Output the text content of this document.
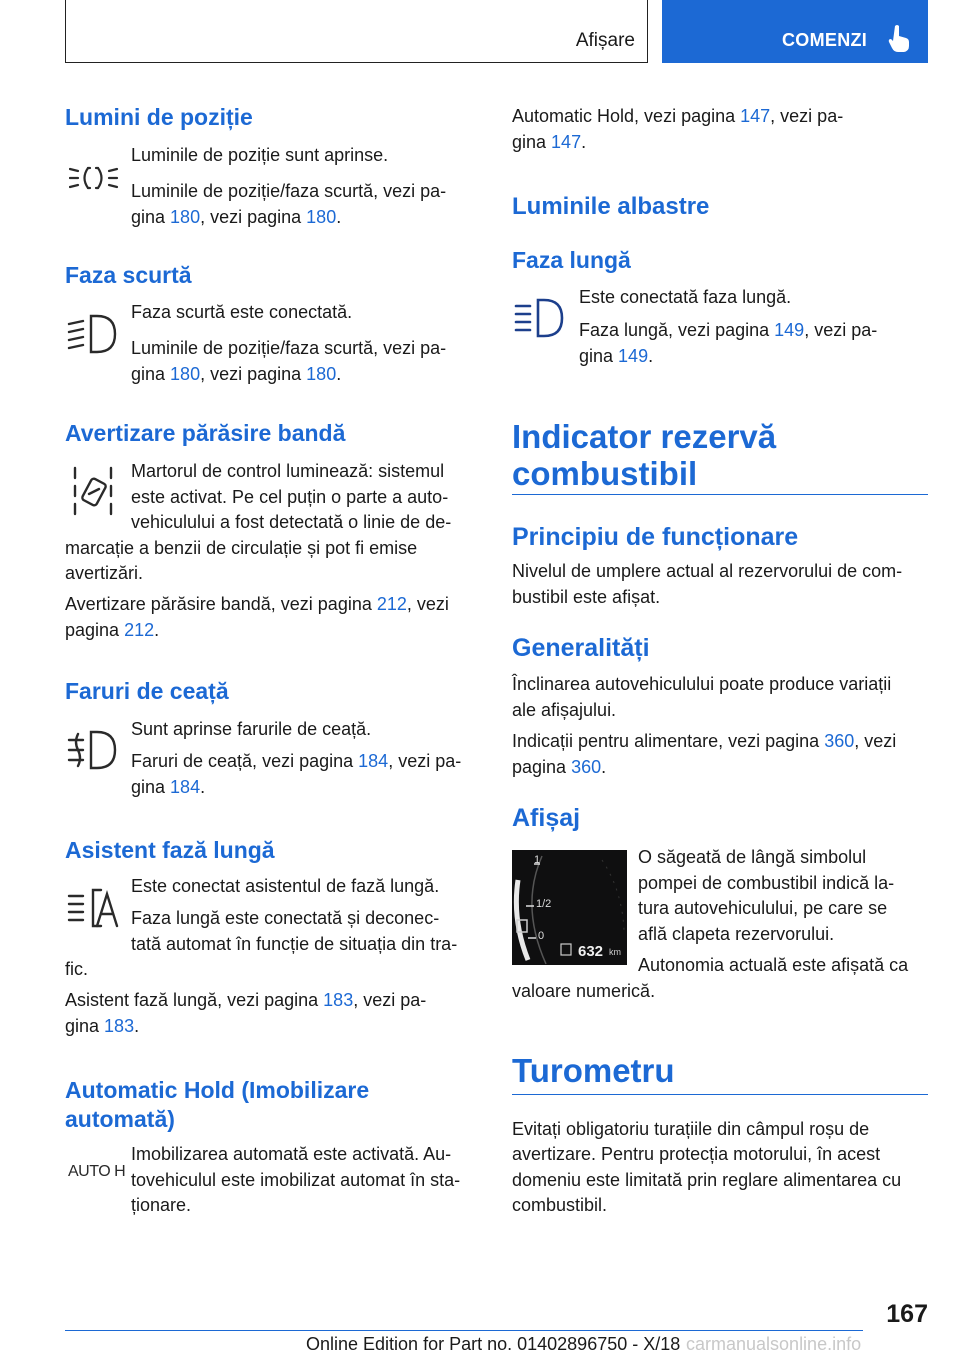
Afișare	COMENZI
Lumini de poziție

Luminile de poziție sunt aprinse.

Luminile de poziție/faza scurtă, vezi pa-
gina 180, vezi pagina 180.

Faza scurtă

Faza scurtă este conectată.

Luminile de poziție/faza scurtă, vezi pa-
gina 180, vezi pagina 180.

Avertizare părăsire bandă

Martorul de control luminează: sistemul

este activat. Pe cel puțin o parte a auto-

vehiculului a fost detectată o linie de de-

marcație a benzii de circulație și pot fi emise

avertizări.

Avertizare părăsire bandă, vezi pagina 212, vezi
pagina 212.

Faruri de ceață

Sunt aprinse farurile de ceață.

Faruri de ceață, vezi pagina 184, vezi pa-
gina 184.

Asistent fază lungă

Este conectat asistentul de fază lungă.

Faza lungă este conectată și deconec-

tată automat în funcție de situația din tra-

fic.

Asistent fază lungă, vezi pagina 183, vezi pa-
gina 183.

Automatic Hold (Imobilizare
automată)
AUTO H

Imobilizarea automată este activată. Au-

tovehiculul este imobilizat automat în sta-

ționare.

Automatic Hold, vezi pagina 147, vezi pa-
gina 147.

Luminile albastre
Faza lungă

Este conectată faza lungă.

Faza lungă, vezi pagina 149, vezi pa-
gina 149.

Indicator rezervă
combustibil
Principiu de funcționare

Nivelul de umplere actual al rezervorului de com-

bustibil este afișat.

Generalități

Înclinarea autovehiculului poate produce variații

ale afișajului.

Indicații pentru alimentare, vezi pagina 360, vezi
pagina 360.

Afișaj

O săgeată de lângă simbolul

pompei de combustibil indică la-

tura autovehiculului, pe care se

află clapeta rezervorului.

Autonomia actuală este afișată ca

valoare numerică.

Turometru

Evitați obligatoriu turațiile din câmpul roșu de

avertizare. Pentru protecția motorului, în acest

domeniu este limitată prin reglare alimentarea cu

combustibil.

1
1/2
0
632 km
167
Online Edition for Part no. 01402896750 - X/18 carmanualsonline.info
